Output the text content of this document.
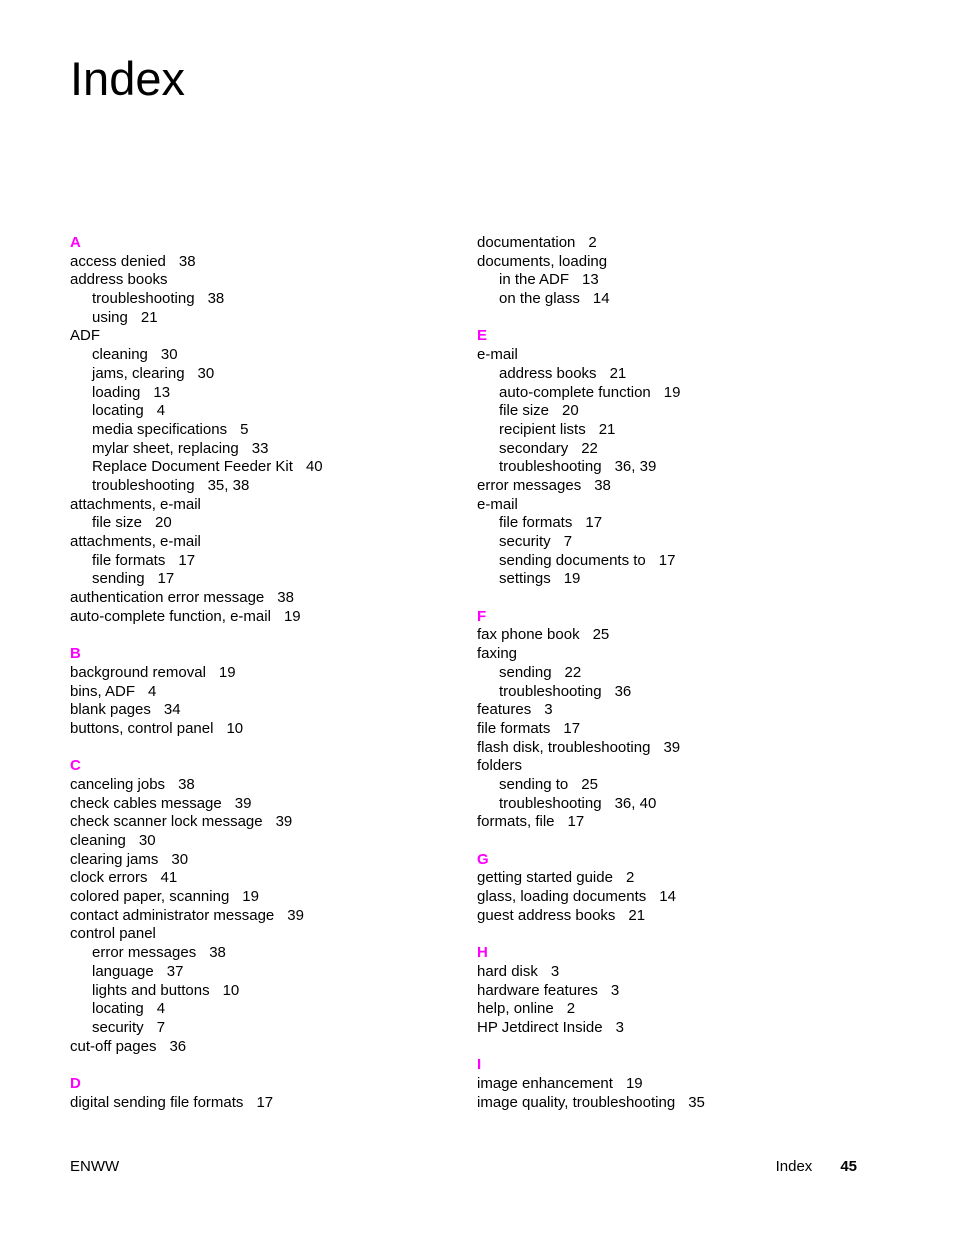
Index
A
access denied 38
address books
troubleshooting 38
using 21
ADF
cleaning 30
jams, clearing 30
loading 13
locating 4
media specifications 5
mylar sheet, replacing 33
Replace Document Feeder Kit 40
troubleshooting 35, 38
attachments, e-mail
file size 20
attachments, e-mail
file formats 17
sending 17
authentication error message 38
auto-complete function, e-mail 19
B
background removal 19
bins, ADF 4
blank pages 34
buttons, control panel 10
C
canceling jobs 38
check cables message 39
check scanner lock message 39
cleaning 30
clearing jams 30
clock errors 41
colored paper, scanning 19
contact administrator message 39
control panel
error messages 38
language 37
lights and buttons 10
locating 4
security 7
cut-off pages 36
D
digital sending file formats 17
documentation 2
documents, loading
in the ADF 13
on the glass 14
E
e-mail
address books 21
auto-complete function 19
file size 20
recipient lists 21
secondary 22
troubleshooting 36, 39
error messages 38
e-mail
file formats 17
security 7
sending documents to 17
settings 19
F
fax phone book 25
faxing
sending 22
troubleshooting 36
features 3
file formats 17
flash disk, troubleshooting 39
folders
sending to 25
troubleshooting 36, 40
formats, file 17
G
getting started guide 2
glass, loading documents 14
guest address books 21
H
hard disk 3
hardware features 3
help, online 2
HP Jetdirect Inside 3
I
image enhancement 19
image quality, troubleshooting 35
ENWW	Index 45
